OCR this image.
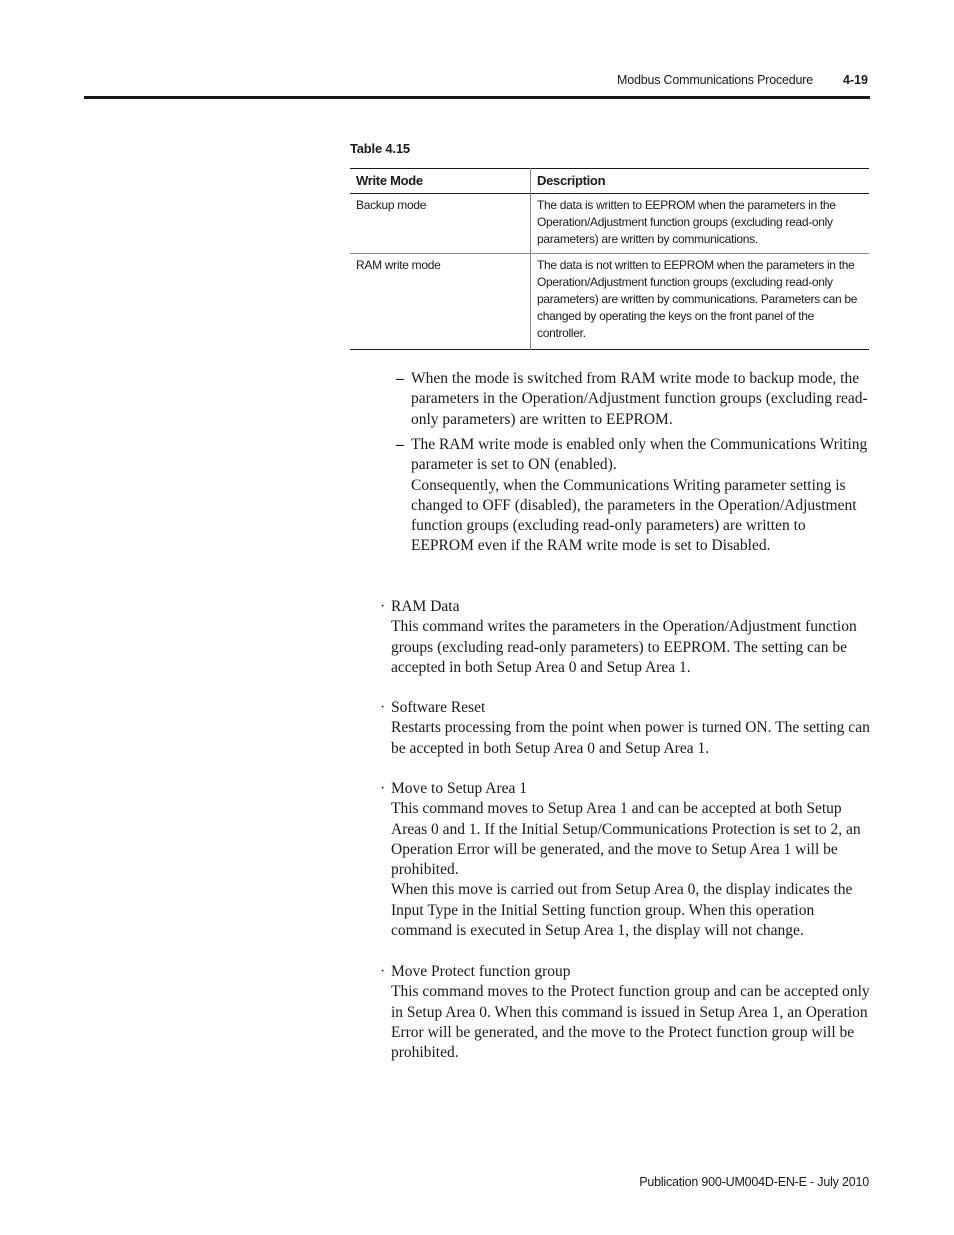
Modbus Communications Procedure 4-19
Table 4.15
Write Mode	Description
Backup mode	The data is written to EEPROM when the parameters in the Operation/Adjustment function groups (excluding read-only parameters) are written by communications.
RAM write mode	The data is not written to EEPROM when the parameters in the Operation/Adjustment function groups (excluding read-only parameters) are written by communications. Parameters can be changed by operating the keys on the front panel of the controller.
– When the mode is switched from RAM write mode to backup mode, the parameters in the Operation/Adjustment function groups (excluding read-only parameters) are written to EEPROM.

– The RAM write mode is enabled only when the Communications Writing parameter is set to ON (enabled).

Consequently, when the Communications Writing parameter setting is changed to OFF (disabled), the parameters in the Operation/Adjustment function groups (excluding read-only parameters) are written to EEPROM even if the RAM write mode is set to Disabled.

· RAM Data

This command writes the parameters in the Operation/Adjustment function groups (excluding read-only parameters) to EEPROM. The setting can be accepted in both Setup Area 0 and Setup Area 1.

· Software Reset

Restarts processing from the point when power is turned ON. The setting can be accepted in both Setup Area 0 and Setup Area 1.

· Move to Setup Area 1

This command moves to Setup Area 1 and can be accepted at both Setup Areas 0 and 1. If the Initial Setup/Communications Protection is set to 2, an Operation Error will be generated, and the move to Setup Area 1 will be prohibited.

When this move is carried out from Setup Area 0, the display indicates the Input Type in the Initial Setting function group. When this operation command is executed in Setup Area 1, the display will not change.

· Move Protect function group

This command moves to the Protect function group and can be accepted only in Setup Area 0. When this command is issued in Setup Area 1, an Operation Error will be generated, and the move to the Protect function group will be prohibited.

Publication 900-UM004D-EN-E - July 2010
